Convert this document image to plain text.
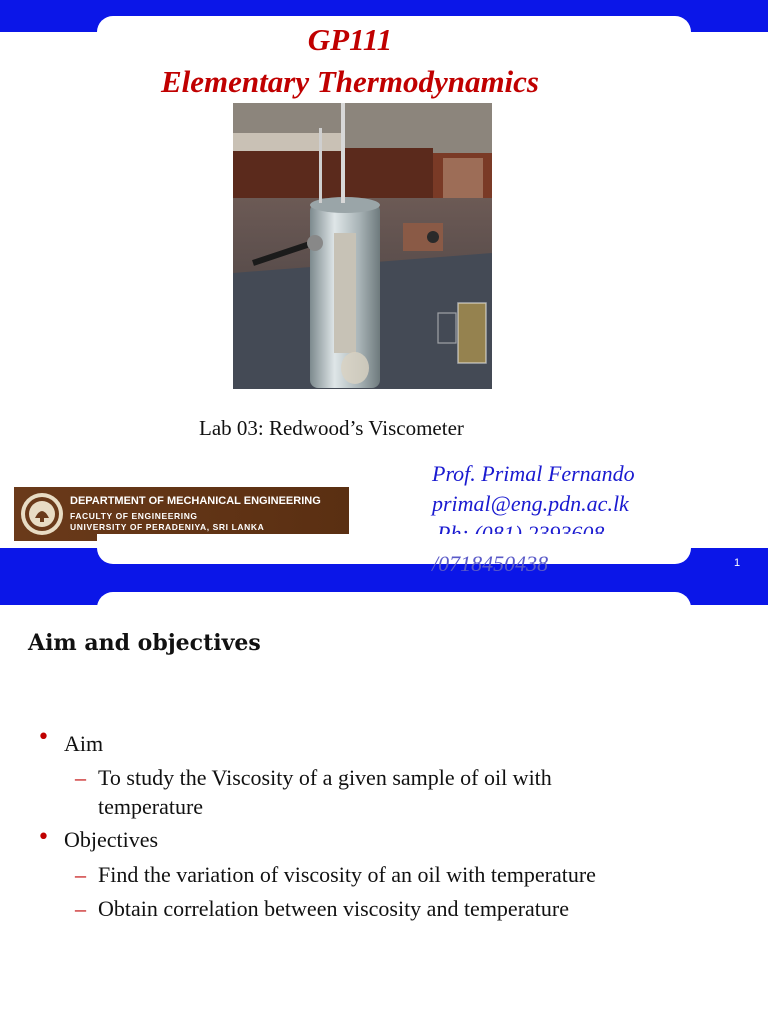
GP111
Elementary Thermodynamics

Lab 03: Redwood’s Viscometer

DEPARTMENT OF MECHANICAL ENGINEERING

FACULTY OF ENGINEERING

UNIVERSITY OF PERADENIYA, SRI LANKA

Prof. Primal Fernando

primal@eng.pdn.ac.lk

/0718450438	1
Aim and objectives
• Aim

– To study the Viscosity of a given sample of oil with

temperature

• Objectives

– Find the variation of viscosity of an oil with temperature

– Obtain correlation between viscosity and temperature
